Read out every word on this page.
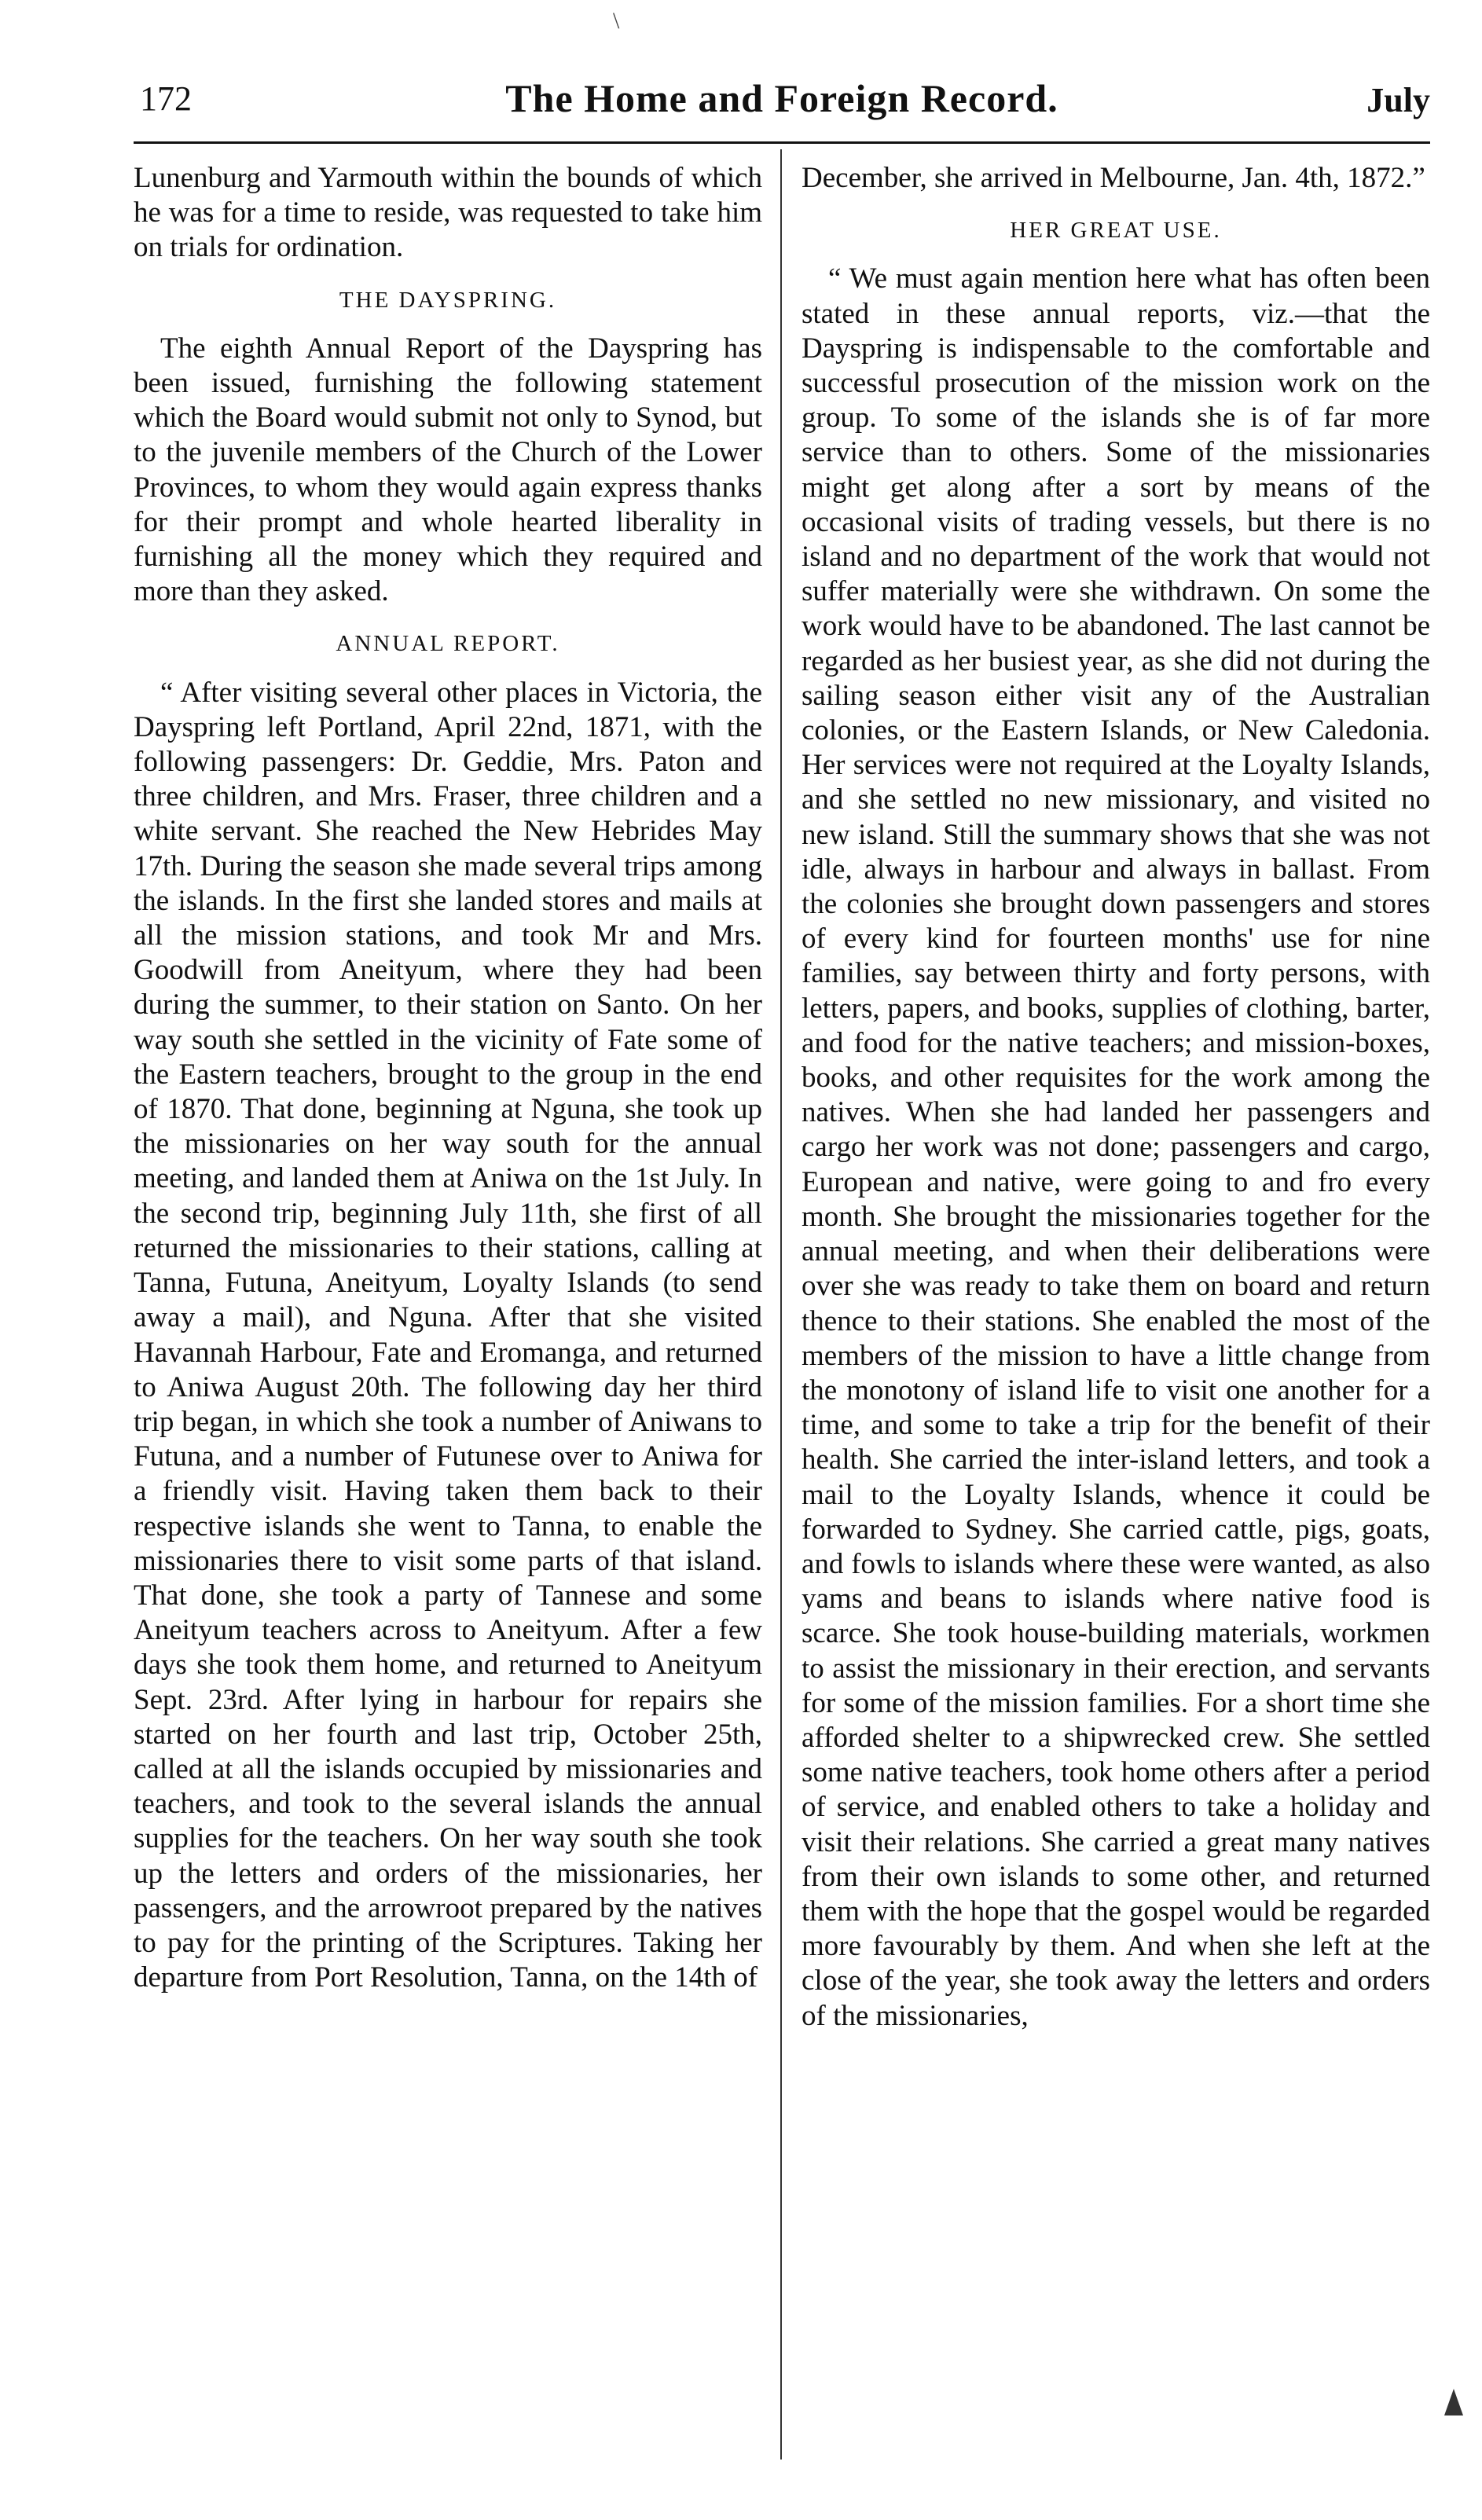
\
172	The Home and Foreign Record.	July

Lunenburg and Yarmouth within the bounds of which he was for a time to reside, was requested to take him on trials for ordination.

THE DAYSPRING.

The eighth Annual Report of the Dayspring has been issued, furnishing the following statement which the Board would submit not only to Synod, but to the juvenile members of the Church of the Lower Provinces, to whom they would again express thanks for their prompt and whole hearted liberality in furnishing all the money which they required and more than they asked.

ANNUAL REPORT.

“ After visiting several other places in Victoria, the Dayspring left Portland, April 22nd, 1871, with the following passengers: Dr. Geddie, Mrs. Paton and three children, and Mrs. Fraser, three children and a white servant. She reached the New Hebrides May 17th. During the season she made several trips among the islands. In the first she landed stores and mails at all the mission stations, and took Mr and Mrs. Goodwill from Aneityum, where they had been during the summer, to their station on Santo. On her way south she settled in the vicinity of Fate some of the Eastern teachers, brought to the group in the end of 1870. That done, beginning at Nguna, she took up the missionaries on her way south for the annual meeting, and landed them at Aniwa on the 1st July. In the second trip, beginning July 11th, she first of all returned the missionaries to their stations, calling at Tanna, Futuna, Aneityum, Loyalty Islands (to send away a mail), and Nguna. After that she visited Havannah Harbour, Fate and Eromanga, and returned to Aniwa August 20th. The following day her third trip began, in which she took a number of Aniwans to Futuna, and a number of Futunese over to Aniwa for a friendly visit. Having taken them back to their respective islands she went to Tanna, to enable the missionaries there to visit some parts of that island. That done, she took a party of Tannese and some Aneityum teachers across to Aneityum. After a few days she took them home, and returned to Aneityum Sept. 23rd. After lying in harbour for repairs she started on her fourth and last trip, October 25th, called at all the islands occupied by missionaries and teachers, and took to the several islands the annual supplies for the teachers. On her way south she took up the letters and orders of the missionaries, her passengers, and the arrowroot prepared by the natives to pay for the printing of the Scriptures. Taking her departure from Port Resolution, Tanna, on the 14th of

December, she arrived in Melbourne, Jan. 4th, 1872.”

HER GREAT USE.

“ We must again mention here what has often been stated in these annual reports, viz.—that the Dayspring is indispensable to the comfortable and successful prosecution of the mission work on the group. To some of the islands she is of far more service than to others. Some of the missionaries might get along after a sort by means of the occasional visits of trading vessels, but there is no island and no department of the work that would not suffer materially were she withdrawn. On some the work would have to be abandoned. The last cannot be regarded as her busiest year, as she did not during the sailing season either visit any of the Australian colonies, or the Eastern Islands, or New Caledonia. Her services were not required at the Loyalty Islands, and she settled no new missionary, and visited no new island. Still the summary shows that she was not idle, always in harbour and always in ballast. From the colonies she brought down passengers and stores of every kind for fourteen months' use for nine families, say between thirty and forty persons, with letters, papers, and books, supplies of clothing, barter, and food for the native teachers; and mission-boxes, books, and other requisites for the work among the natives. When she had landed her passengers and cargo her work was not done; passengers and cargo, European and native, were going to and fro every month. She brought the missionaries together for the annual meeting, and when their deliberations were over she was ready to take them on board and return thence to their stations. She enabled the most of the members of the mission to have a little change from the monotony of island life to visit one another for a time, and some to take a trip for the benefit of their health. She carried the inter-island letters, and took a mail to the Loyalty Islands, whence it could be forwarded to Sydney. She carried cattle, pigs, goats, and fowls to islands where these were wanted, as also yams and beans to islands where native food is scarce. She took house-building materials, workmen to assist the missionary in their erection, and servants for some of the mission families. For a short time she afforded shelter to a shipwrecked crew. She settled some native teachers, took home others after a period of service, and enabled others to take a holiday and visit their relations. She carried a great many natives from their own islands to some other, and returned them with the hope that the gospel would be regarded more favourably by them. And when she left at the close of the year, she took away the letters and orders of the missionaries,
